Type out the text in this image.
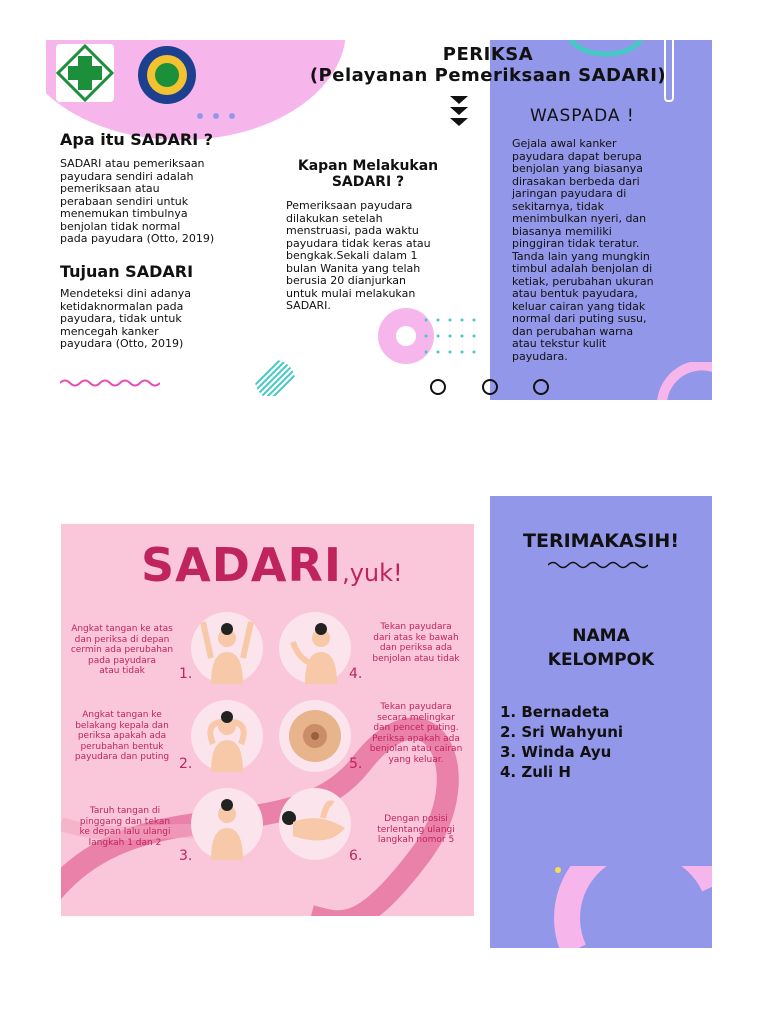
PERIKSA
(Pelayanan Pemeriksaan SADARI)
Apa itu SADARI ?
SADARI atau pemeriksaan
payudara sendiri adalah
pemeriksaan atau
perabaan sendiri untuk
menemukan timbulnya
benjolan tidak normal
pada payudara (Otto, 2019)
Tujuan SADARI
Mendeteksi dini adanya
ketidaknormalan pada
payudara, tidak untuk
mencegah kanker
payudara (Otto, 2019)
Kapan Melakukan
SADARI ?
Pemeriksaan payudara
dilakukan setelah
menstruasi, pada waktu
payudara tidak keras atau
bengkak.Sekali dalam 1
bulan Wanita yang telah
berusia 20 dianjurkan
untuk mulai melakukan
SADARI.
WASPADA !
Gejala awal kanker
payudara dapat berupa
benjolan yang biasanya
dirasakan berbeda dari
jaringan payudara di
sekitarnya, tidak
menimbulkan nyeri, dan
biasanya memiliki
pinggiran tidak teratur.
Tanda lain yang mungkin
timbul adalah benjolan di
ketiak, perubahan ukuran
atau bentuk payudara,
keluar cairan yang tidak
normal dari puting susu,
dan perubahan warna
atau tekstur kulit
payudara.
SADARI,yuk!
1.
2.
3.
4.
5.
6.
Angkat tangan ke atas
dan periksa di depan
cermin ada perubahan
pada payudara
atau tidak
Angkat tangan ke
belakang kepala dan
periksa apakah ada
perubahan bentuk
payudara dan puting
Taruh tangan di
pinggang dan tekan
ke depan lalu ulangi
langkah 1 dan 2
Tekan payudara
dari atas ke bawah
dan periksa ada
benjolan atau tidak
Tekan payudara
secara melingkar
dan pencet puting.
Periksa apakah ada
benjolan atau cairan
yang keluar.
Dengan posisi
terlentang ulangi
langkah nomor 5
TERIMAKASIH!
NAMA
KELOMPOK
1. Bernadeta
2. Sri Wahyuni
3. Winda Ayu
4. Zuli H
